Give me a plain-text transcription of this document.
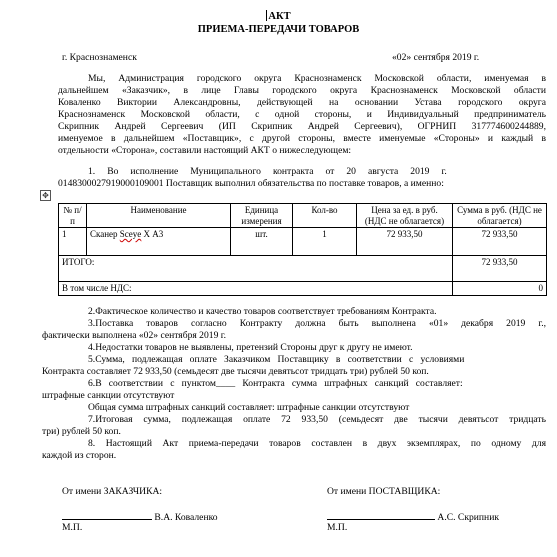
АКТ
ПРИЕМА-ПЕРЕДАЧИ ТОВАРОВ
г. Краснознаменск	«02» сентября 2019 г.
Мы, Администрация городского округа Краснознаменск Московской области, именуемая в
дальнейшем «Заказчик», в лице Главы городского округа Краснознаменск Московской области
Коваленко Виктории Александровны, действующей на основании Устава городского округа
Краснознаменск Московской области, с одной стороны, и Индивидуальный предприниматель
Скрипник Андрей Сергеевич (ИП Скрипник Андрей Сергеевич), ОГРНИП 317774600244889,
именуемое в дальнейшем «Поставщик», с другой стороны, вместе именуемые «Стороны» и каждый в
отдельности «Сторона», составили настоящий АКТ о нижеследующем:
1.     Во     исполнение     Муниципального     контракта     от     20     августа     2019     г.
0148300027919000109001 Поставщик выполнил обязательства по поставке товаров, а именно:
✥
№ п/п	Наименование	Единица измерения	Кол-во	Цена за ед. в руб. (НДС не облагается)	Сумма в руб. (НДС не облагается)
1	Сканер Sceye X А3	шт.	1	72 933,50	72 933,50
ИТОГО:					72 933,50
В том числе НДС:					0
2.Фактическое количество и качество товаров соответствует требованиям Контракта.
3.Поставка товаров согласно Контракту должна быть выполнена «01» декабря 2019 г.,
фактически выполнена «02» сентября 2019 г.
4.Недостатки товаров не выявлены, претензий Стороны друг к другу не имеют.
5.Сумма,   подлежащая   оплате   Заказчиком   Поставщику   в   соответствии   с   условиями
Контракта составляет 72 933,50 (семьдесят две тысячи девятьсот тридцать три) рублей 50 коп.
6.В   соответствии   с   пунктом____   Контракта   сумма   штрафных   санкций   составляет:
штрафные санкции отсутствуют
Общая сумма штрафных санкций составляет: штрафные санкции отсутствуют
7.Итоговая сумма, подлежащая оплате 72 933,50 (семьдесят две тысячи девятьсот тридцать
три) рублей 50 коп.
8. Настоящий Акт приема-передачи товаров составлен в двух экземплярах, по одному для
каждой из сторон.
От имени ЗАКАЗЧИКА:	От имени ПОСТАВЩИКА:
В.А. Коваленко	А.С. Скрипник
М.П.	М.П.
